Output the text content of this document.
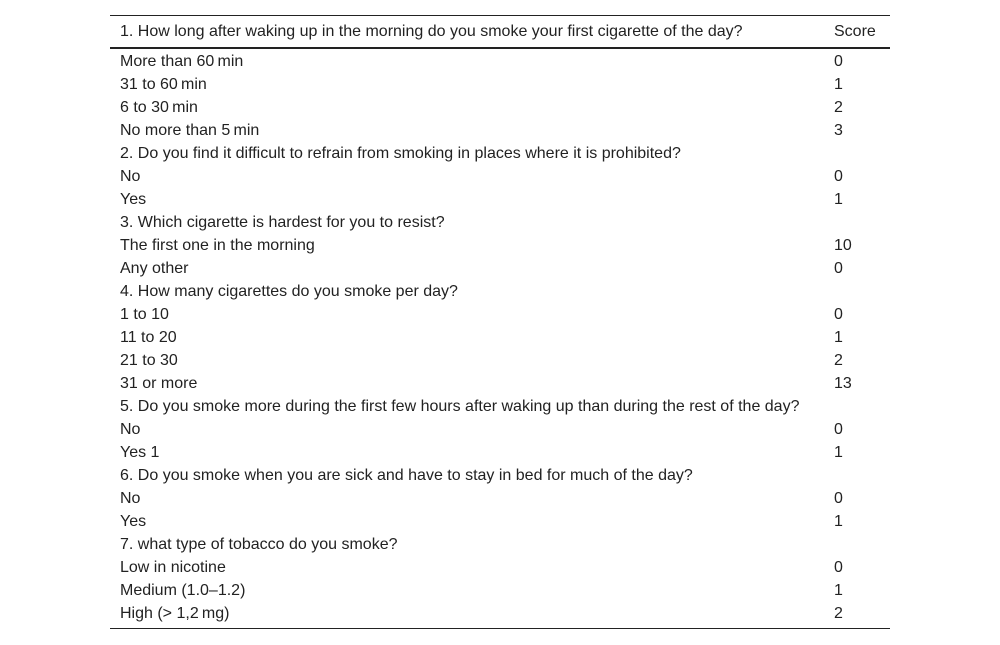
1. How long after waking up in the morning do you smoke your first cigarette of the day?	Score
More than 60 min	0
31 to 60 min	1
6 to 30 min	2
No more than 5 min	3
2. Do you find it difficult to refrain from smoking in places where it is prohibited?	
No	0
Yes	1
3. Which cigarette is hardest for you to resist?	
The first one in the morning	10
Any other	0
4. How many cigarettes do you smoke per day?	
1 to 10	0
11 to 20	1
21 to 30	2
31 or more	13
5. Do you smoke more during the first few hours after waking up than during the rest of the day?	
No	0
Yes 1	1
6. Do you smoke when you are sick and have to stay in bed for much of the day?	
No	0
Yes	1
7. what type of tobacco do you smoke?	
Low in nicotine	0
Medium (1.0–1.2)	1
High (> 1,2 mg)	2
